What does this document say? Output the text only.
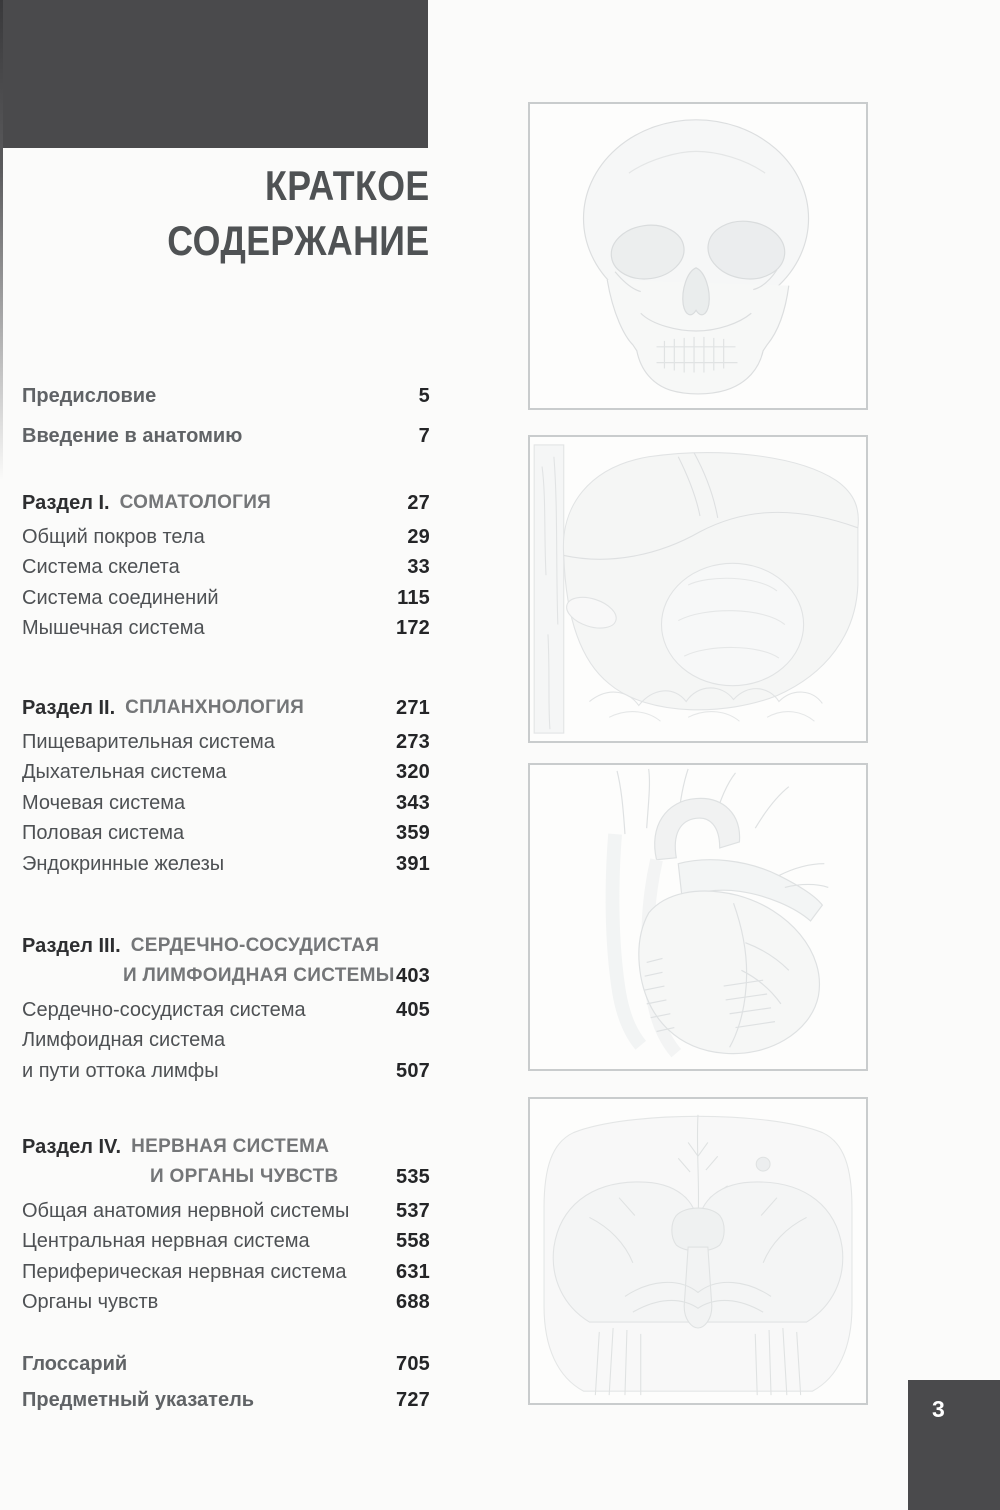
КРАТКОЕ
СОДЕРЖАНИЕ
Предисловие	5
Введение в анатомию	7
Раздел I. СОМАТОЛОГИЯ	27
Общий покров тела	29
Система скелета	33
Система соединений	115
Мышечная система	172
Раздел II. СПЛАНХНОЛОГИЯ	271
Пищеварительная система	273
Дыхательная система	320
Мочевая система	343
Половая система	359
Эндокринные железы	391
Раздел III. СЕРДЕЧНО-СОСУДИСТАЯ
И ЛИМФОИДНАЯ СИСТЕМЫ 403
Сердечно-сосудистая система	405
Лимфоидная система
и пути оттока лимфы	507
Раздел IV. НЕРВНАЯ СИСТЕМА
И ОРГАНЫ ЧУВСТВ	535
Общая анатомия нервной системы 537
Центральная нервная система	558
Периферическая нервная система 631
Органы чувств	688
Глоссарий	705
Предметный указатель	727	3
